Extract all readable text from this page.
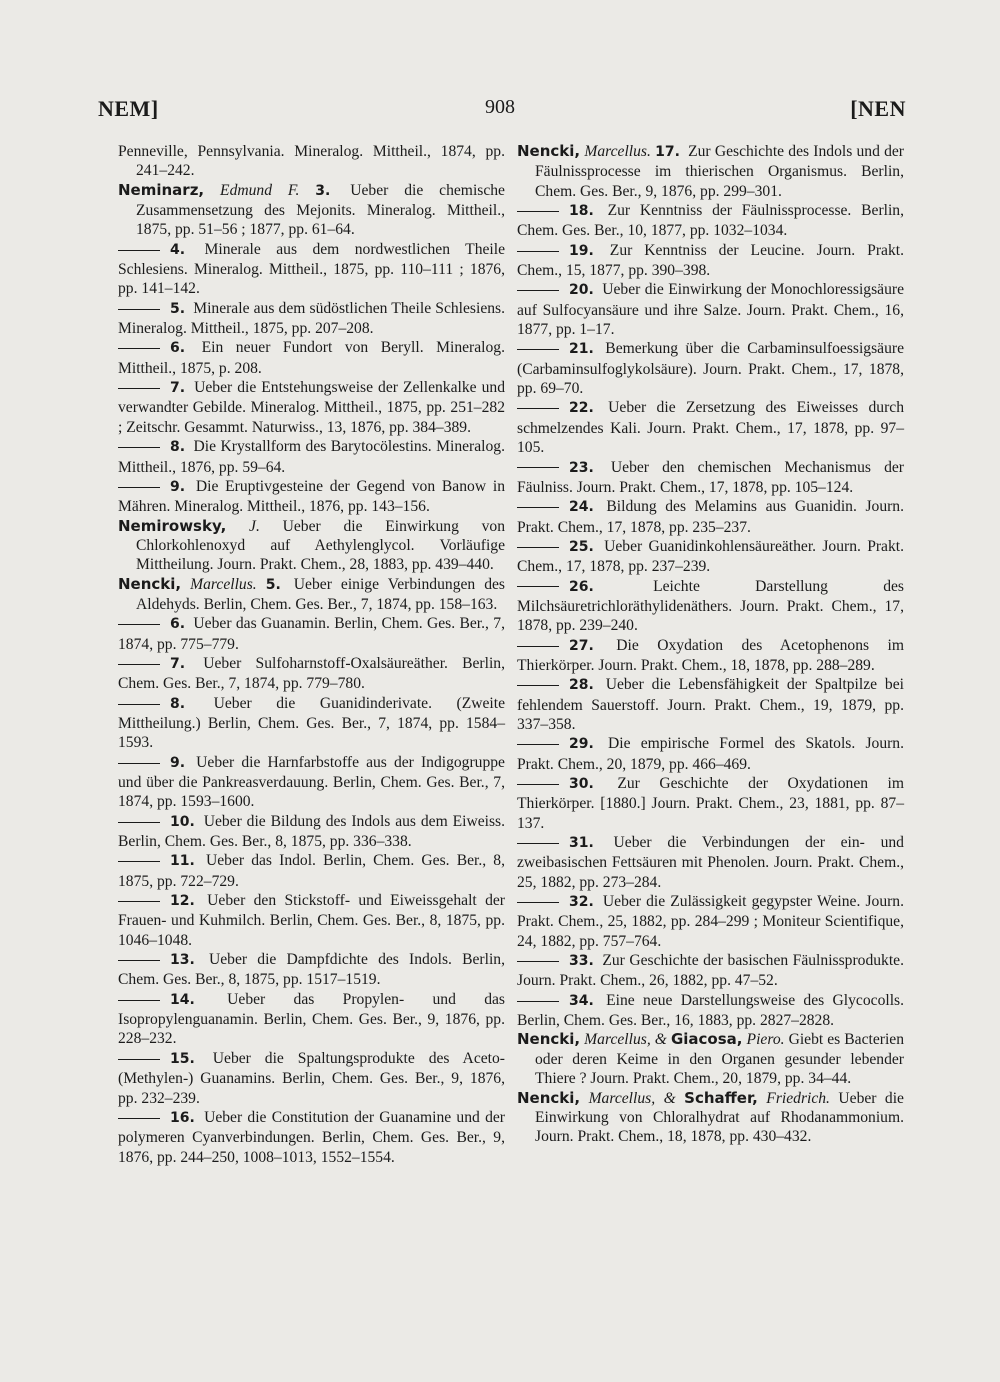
NEM]	908	[NEN

Penneville, Pennsylvania. Mineralog. Mittheil., 1874, pp. 241–242.

Neminarz, Edmund F. 3. Ueber die chemische Zusammensetzung des Mejonits. Mineralog. Mittheil., 1875, pp. 51–56 ; 1877, pp. 61–64.

4. Minerale aus dem nordwestlichen Theile Schlesiens. Mineralog. Mittheil., 1875, pp. 110–111 ; 1876, pp. 141–142.

5. Minerale aus dem südöstlichen Theile Schlesiens. Mineralog. Mittheil., 1875, pp. 207–208.

6. Ein neuer Fundort von Beryll. Mineralog. Mittheil., 1875, p. 208.

7. Ueber die Entstehungsweise der Zellenkalke und verwandter Gebilde. Mineralog. Mittheil., 1875, pp. 251–282 ; Zeitschr. Gesammt. Naturwiss., 13, 1876, pp. 384–389.

8. Die Krystallform des Barytocölestins. Mineralog. Mittheil., 1876, pp. 59–64.

9. Die Eruptivgesteine der Gegend von Banow in Mähren. Mineralog. Mittheil., 1876, pp. 143–156.

Nemirowsky, J. Ueber die Einwirkung von Chlorkohlenoxyd auf Aethylenglycol. Vorläufige Mittheilung. Journ. Prakt. Chem., 28, 1883, pp. 439–440.

Nencki, Marcellus. 5. Ueber einige Verbindungen des Aldehyds. Berlin, Chem. Ges. Ber., 7, 1874, pp. 158–163.

6. Ueber das Guanamin. Berlin, Chem. Ges. Ber., 7, 1874, pp. 775–779.

7. Ueber Sulfoharnstoff-Oxalsäureäther. Berlin, Chem. Ges. Ber., 7, 1874, pp. 779–780.

8. Ueber die Guanidinderivate. (Zweite Mittheilung.) Berlin, Chem. Ges. Ber., 7, 1874, pp. 1584–1593.

9. Ueber die Harnfarbstoffe aus der Indigogruppe und über die Pankreasverdauung. Berlin, Chem. Ges. Ber., 7, 1874, pp. 1593–1600.

10. Ueber die Bildung des Indols aus dem Eiweiss. Berlin, Chem. Ges. Ber., 8, 1875, pp. 336–338.

11. Ueber das Indol. Berlin, Chem. Ges. Ber., 8, 1875, pp. 722–729.

12. Ueber den Stickstoff- und Eiweissgehalt der Frauen- und Kuhmilch. Berlin, Chem. Ges. Ber., 8, 1875, pp. 1046–1048.

13. Ueber die Dampfdichte des Indols. Berlin, Chem. Ges. Ber., 8, 1875, pp. 1517–1519.

14. Ueber das Propylen- und das Isopropylenguanamin. Berlin, Chem. Ges. Ber., 9, 1876, pp. 228–232.

15. Ueber die Spaltungsprodukte des Aceto- (Methylen-) Guanamins. Berlin, Chem. Ges. Ber., 9, 1876, pp. 232–239.

16. Ueber die Constitution der Guanamine und der polymeren Cyanverbindungen. Berlin, Chem. Ges. Ber., 9, 1876, pp. 244–250, 1008–1013, 1552–1554.

Nencki, Marcellus. 17. Zur Geschichte des Indols und der Fäulnissprocesse im thierischen Organismus. Berlin, Chem. Ges. Ber., 9, 1876, pp. 299–301.

18. Zur Kenntniss der Fäulnissprocesse. Berlin, Chem. Ges. Ber., 10, 1877, pp. 1032–1034.

19. Zur Kenntniss der Leucine. Journ. Prakt. Chem., 15, 1877, pp. 390–398.

20. Ueber die Einwirkung der Monochloressigsäure auf Sulfocyansäure und ihre Salze. Journ. Prakt. Chem., 16, 1877, pp. 1–17.

21. Bemerkung über die Carbaminsulfoessigsäure (Carbaminsulfoglykolsäure). Journ. Prakt. Chem., 17, 1878, pp. 69–70.

22. Ueber die Zersetzung des Eiweisses durch schmelzendes Kali. Journ. Prakt. Chem., 17, 1878, pp. 97–105.

23. Ueber den chemischen Mechanismus der Fäulniss. Journ. Prakt. Chem., 17, 1878, pp. 105–124.

24. Bildung des Melamins aus Guanidin. Journ. Prakt. Chem., 17, 1878, pp. 235–237.

25. Ueber Guanidinkohlensäureäther. Journ. Prakt. Chem., 17, 1878, pp. 237–239.

26.	Leichte Darstellung des Milchsäuretrichloräthylidenäthers. Journ. Prakt. Chem., 17, 1878, pp. 239–240.

27. Die Oxydation des Acetophenons im Thierkörper. Journ. Prakt. Chem., 18, 1878, pp. 288–289.

28. Ueber die Lebensfähigkeit der Spaltpilze bei fehlendem Sauerstoff. Journ. Prakt. Chem., 19, 1879, pp. 337–358.

29. Die empirische Formel des Skatols. Journ. Prakt. Chem., 20, 1879, pp. 466–469.

30. Zur Geschichte der Oxydationen im Thierkörper. [1880.] Journ. Prakt. Chem., 23, 1881, pp. 87–137.

31. Ueber die Verbindungen der ein- und zweibasischen Fettsäuren mit Phenolen. Journ. Prakt. Chem., 25, 1882, pp. 273–284.

32. Ueber die Zulässigkeit gegypster Weine. Journ. Prakt. Chem., 25, 1882, pp. 284–299 ; Moniteur Scientifique, 24, 1882, pp. 757–764.

33. Zur Geschichte der basischen Fäulnissprodukte. Journ. Prakt. Chem., 26, 1882, pp. 47–52.

34. Eine neue Darstellungsweise des Glycocolls. Berlin, Chem. Ges. Ber., 16, 1883, pp. 2827–2828.

Nencki, Marcellus, & Giacosa, Piero. Giebt es Bacterien oder deren Keime in den Organen gesunder lebender Thiere ? Journ. Prakt. Chem., 20, 1879, pp. 34–44.

Nencki, Marcellus, & Schaffer, Friedrich. Ueber die Einwirkung von Chloralhydrat auf Rhodanammonium. Journ. Prakt. Chem., 18, 1878, pp. 430–432.
